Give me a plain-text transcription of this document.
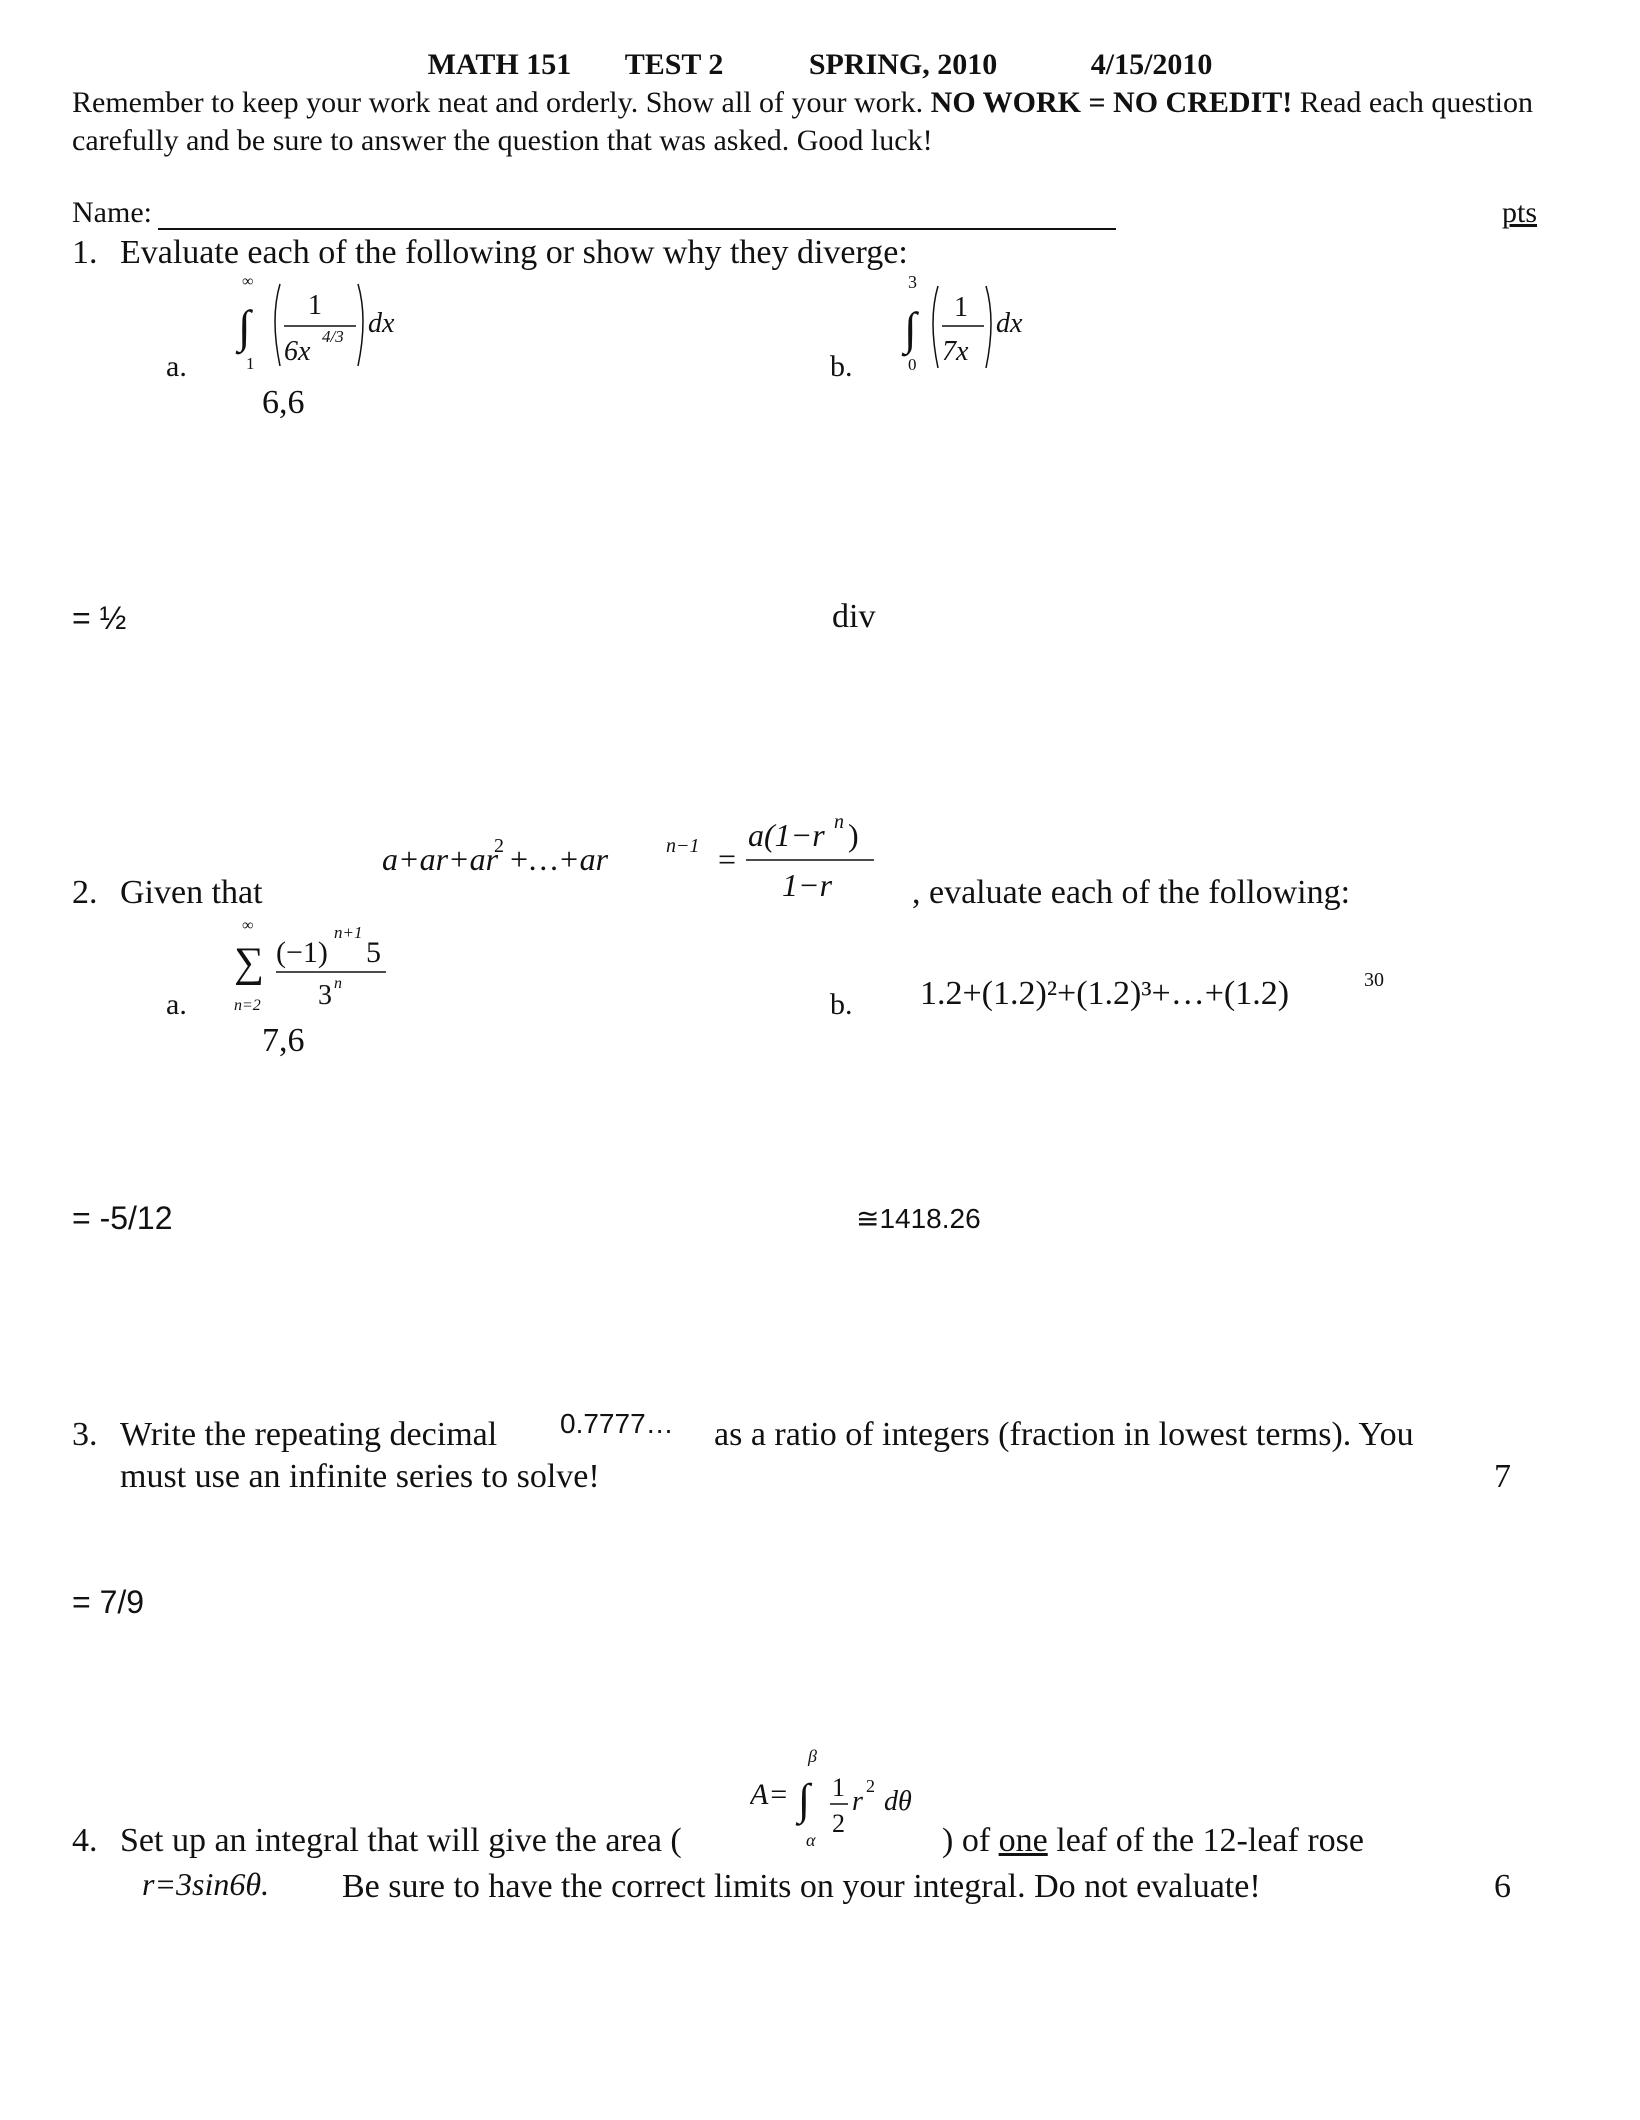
MATH 151 TEST 2	SPRING, 2010	4/15/2010
Remember to keep your work neat and orderly. Show all of your work. NO WORK = NO CREDIT! Read each question carefully and be sure to answer the question that was asked. Good luck!
Name:	pts
1. Evaluate each of the following or show why they diverge:
a.
∞
∫
1
1
6x 4/3 dx
6,6
b.
3
∫
0
1
7x
dx
= ½	div
a+ar+ar
2 +…+ar	n−1 =
a(1−r n )
1−r
2. Given that	, evaluate each of the following:
a.
∞
∑
n=2
(−1)
n+1
5
3 n
7,6
b. 1.2+(1.2)²+(1.2)³+…+(1.2)	30
= -5/12	≅1418.26
3. Write the repeating decimal 0.7777… as a ratio of integers (fraction in lowest terms). You
must use an infinite series to solve!	7
= 7/9
A=
β
∫
α
1
2
r 2 dθ
4. Set up an integral that will give the area (	) of one leaf of the 12-leaf rose
r=3sin6θ. Be sure to have the correct limits on your integral. Do not evaluate!	6
